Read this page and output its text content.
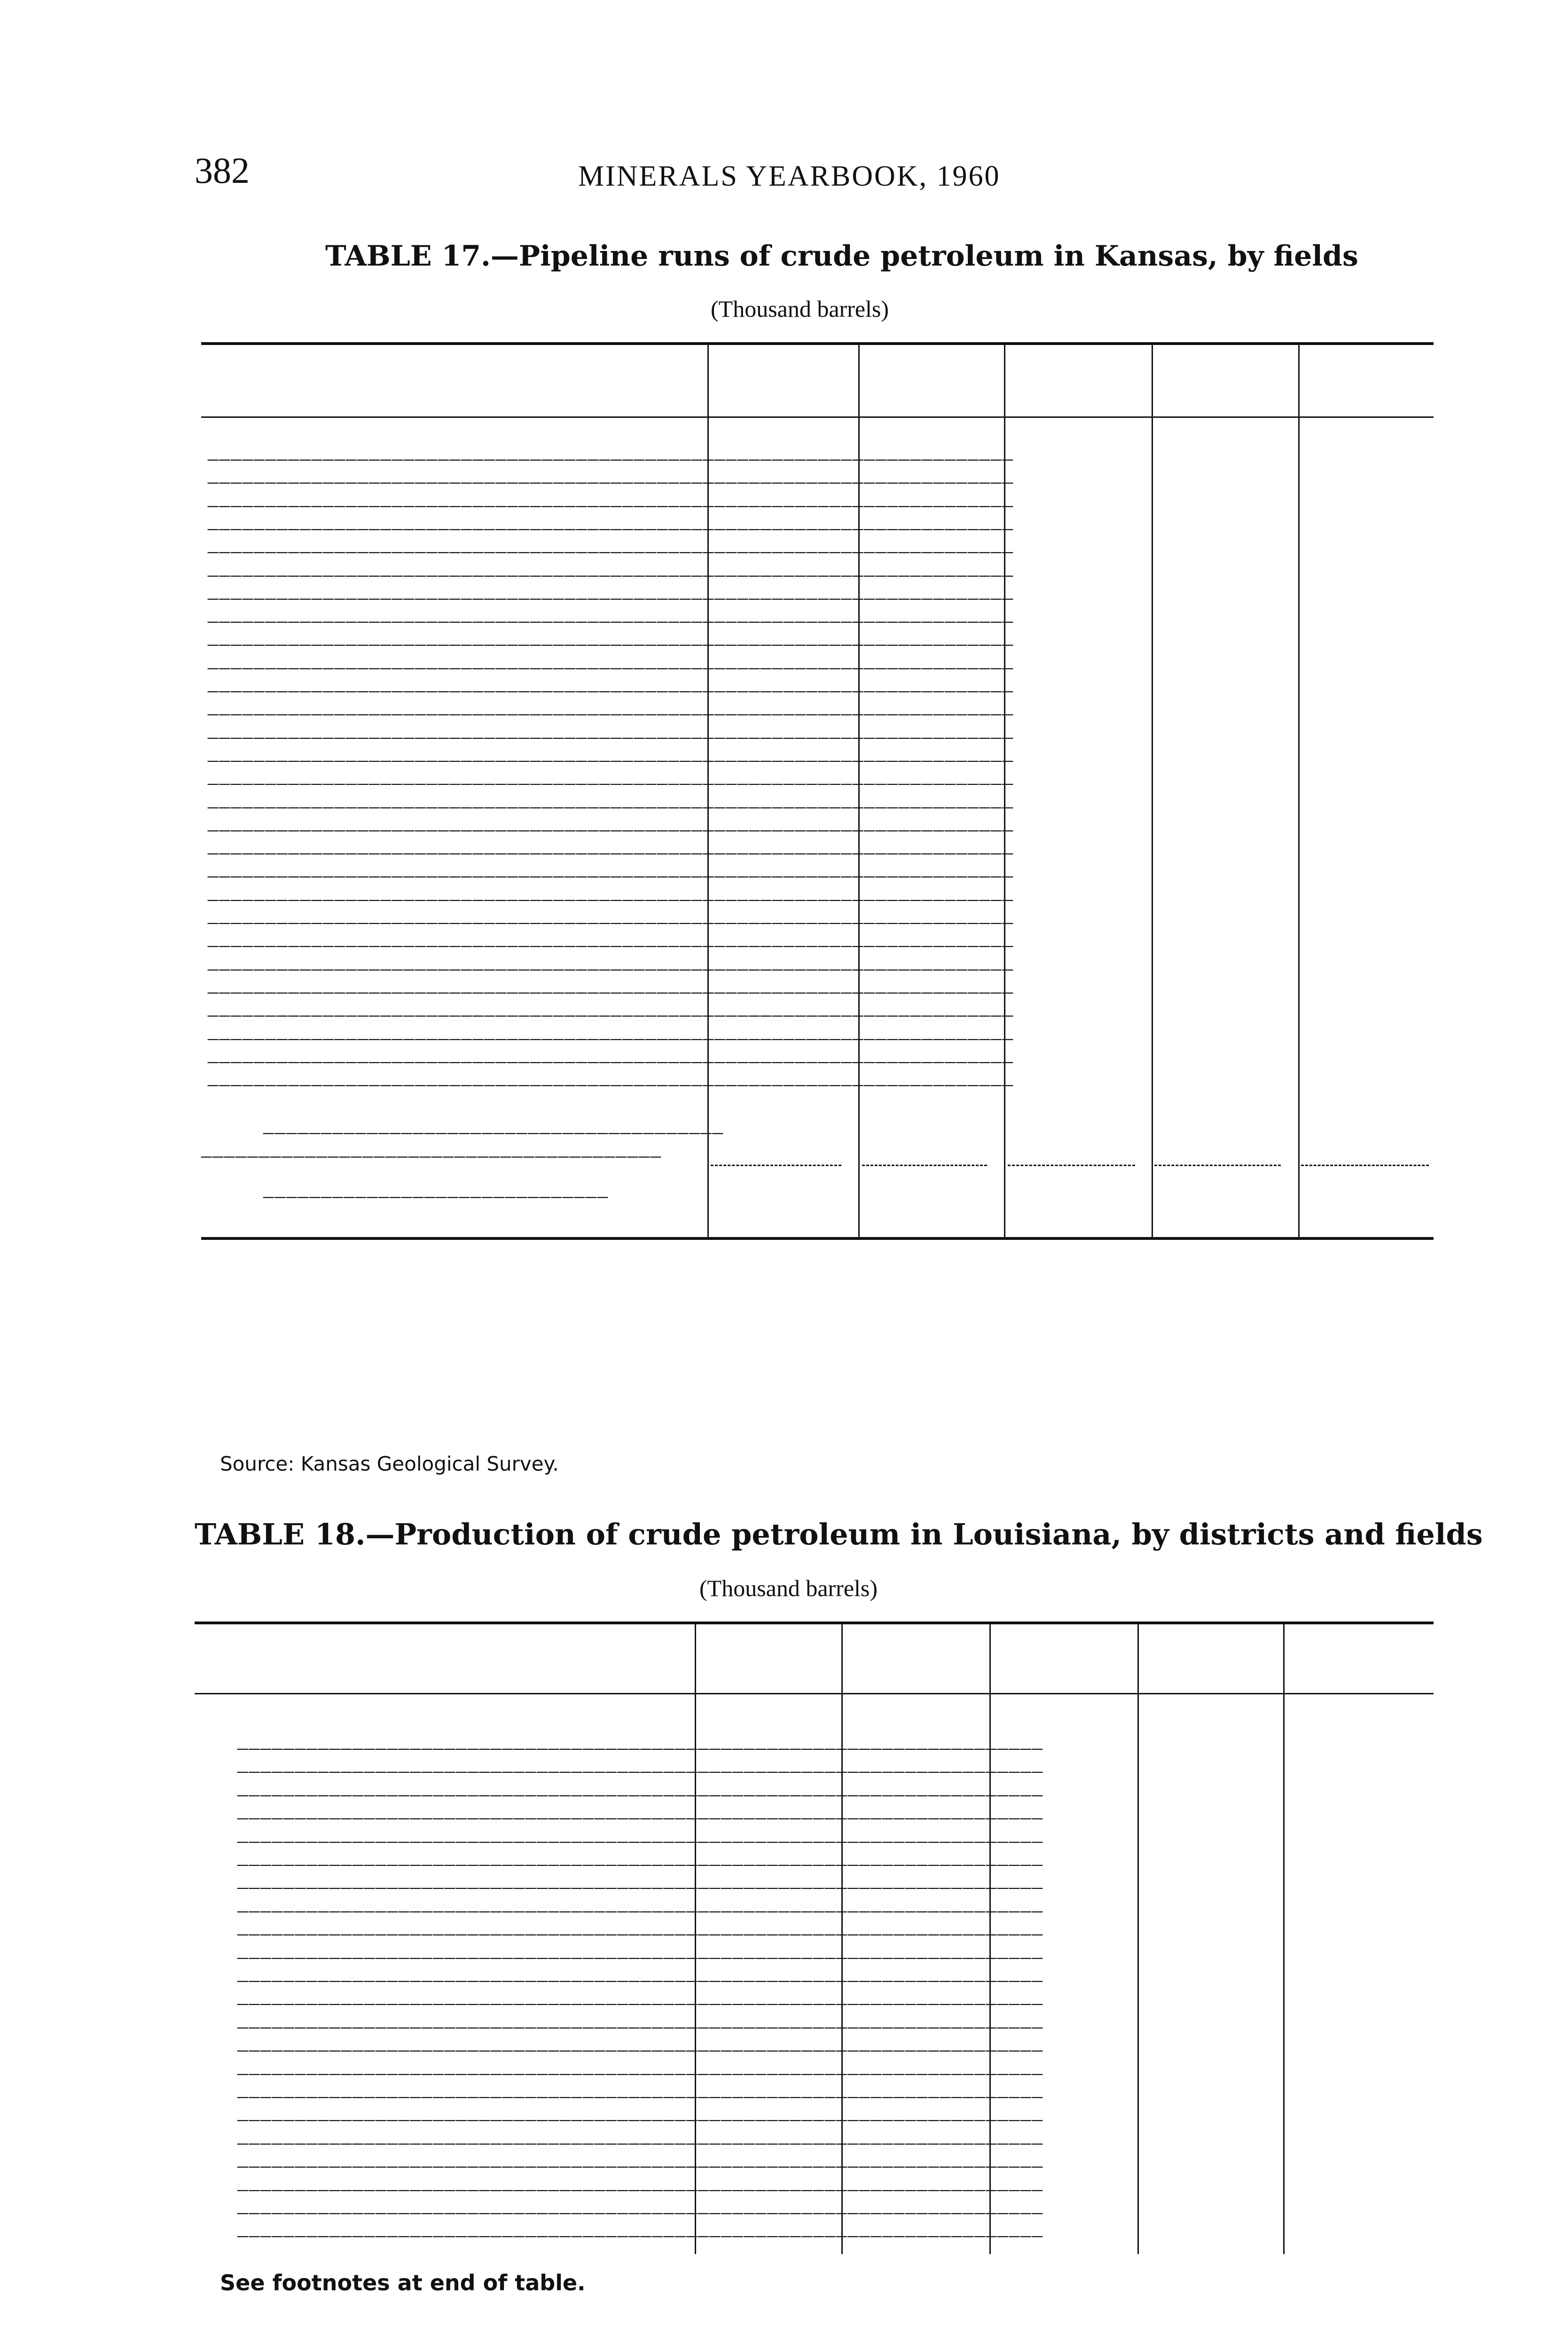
382	MINERALS YEARBOOK, 1960
TABLE 17.—Pipeline runs of crude petroleum in Kansas, by fields
(Thousand barrels)
______________________________________________________________________
______________________________________________________________________
______________________________________________________________________
______________________________________________________________________
______________________________________________________________________
______________________________________________________________________
______________________________________________________________________
______________________________________________________________________
______________________________________________________________________
______________________________________________________________________
______________________________________________________________________
______________________________________________________________________
______________________________________________________________________
______________________________________________________________________
______________________________________________________________________
______________________________________________________________________
______________________________________________________________________
______________________________________________________________________
______________________________________________________________________
______________________________________________________________________
______________________________________________________________________
______________________________________________________________________
______________________________________________________________________
______________________________________________________________________
______________________________________________________________________
______________________________________________________________________
______________________________________________________________________
______________________________________________________________________
________________________________________
________________________________________
______________________________
Source: Kansas Geological Survey.
TABLE 18.—Production of crude petroleum in Louisiana, by districts and fields
(Thousand barrels)
______________________________________________________________________
______________________________________________________________________
______________________________________________________________________
______________________________________________________________________
______________________________________________________________________
______________________________________________________________________
______________________________________________________________________
______________________________________________________________________
______________________________________________________________________
______________________________________________________________________
______________________________________________________________________
______________________________________________________________________
______________________________________________________________________
______________________________________________________________________
______________________________________________________________________
______________________________________________________________________
______________________________________________________________________
______________________________________________________________________
______________________________________________________________________
______________________________________________________________________
______________________________________________________________________
______________________________________________________________________
See footnotes at end of table.
